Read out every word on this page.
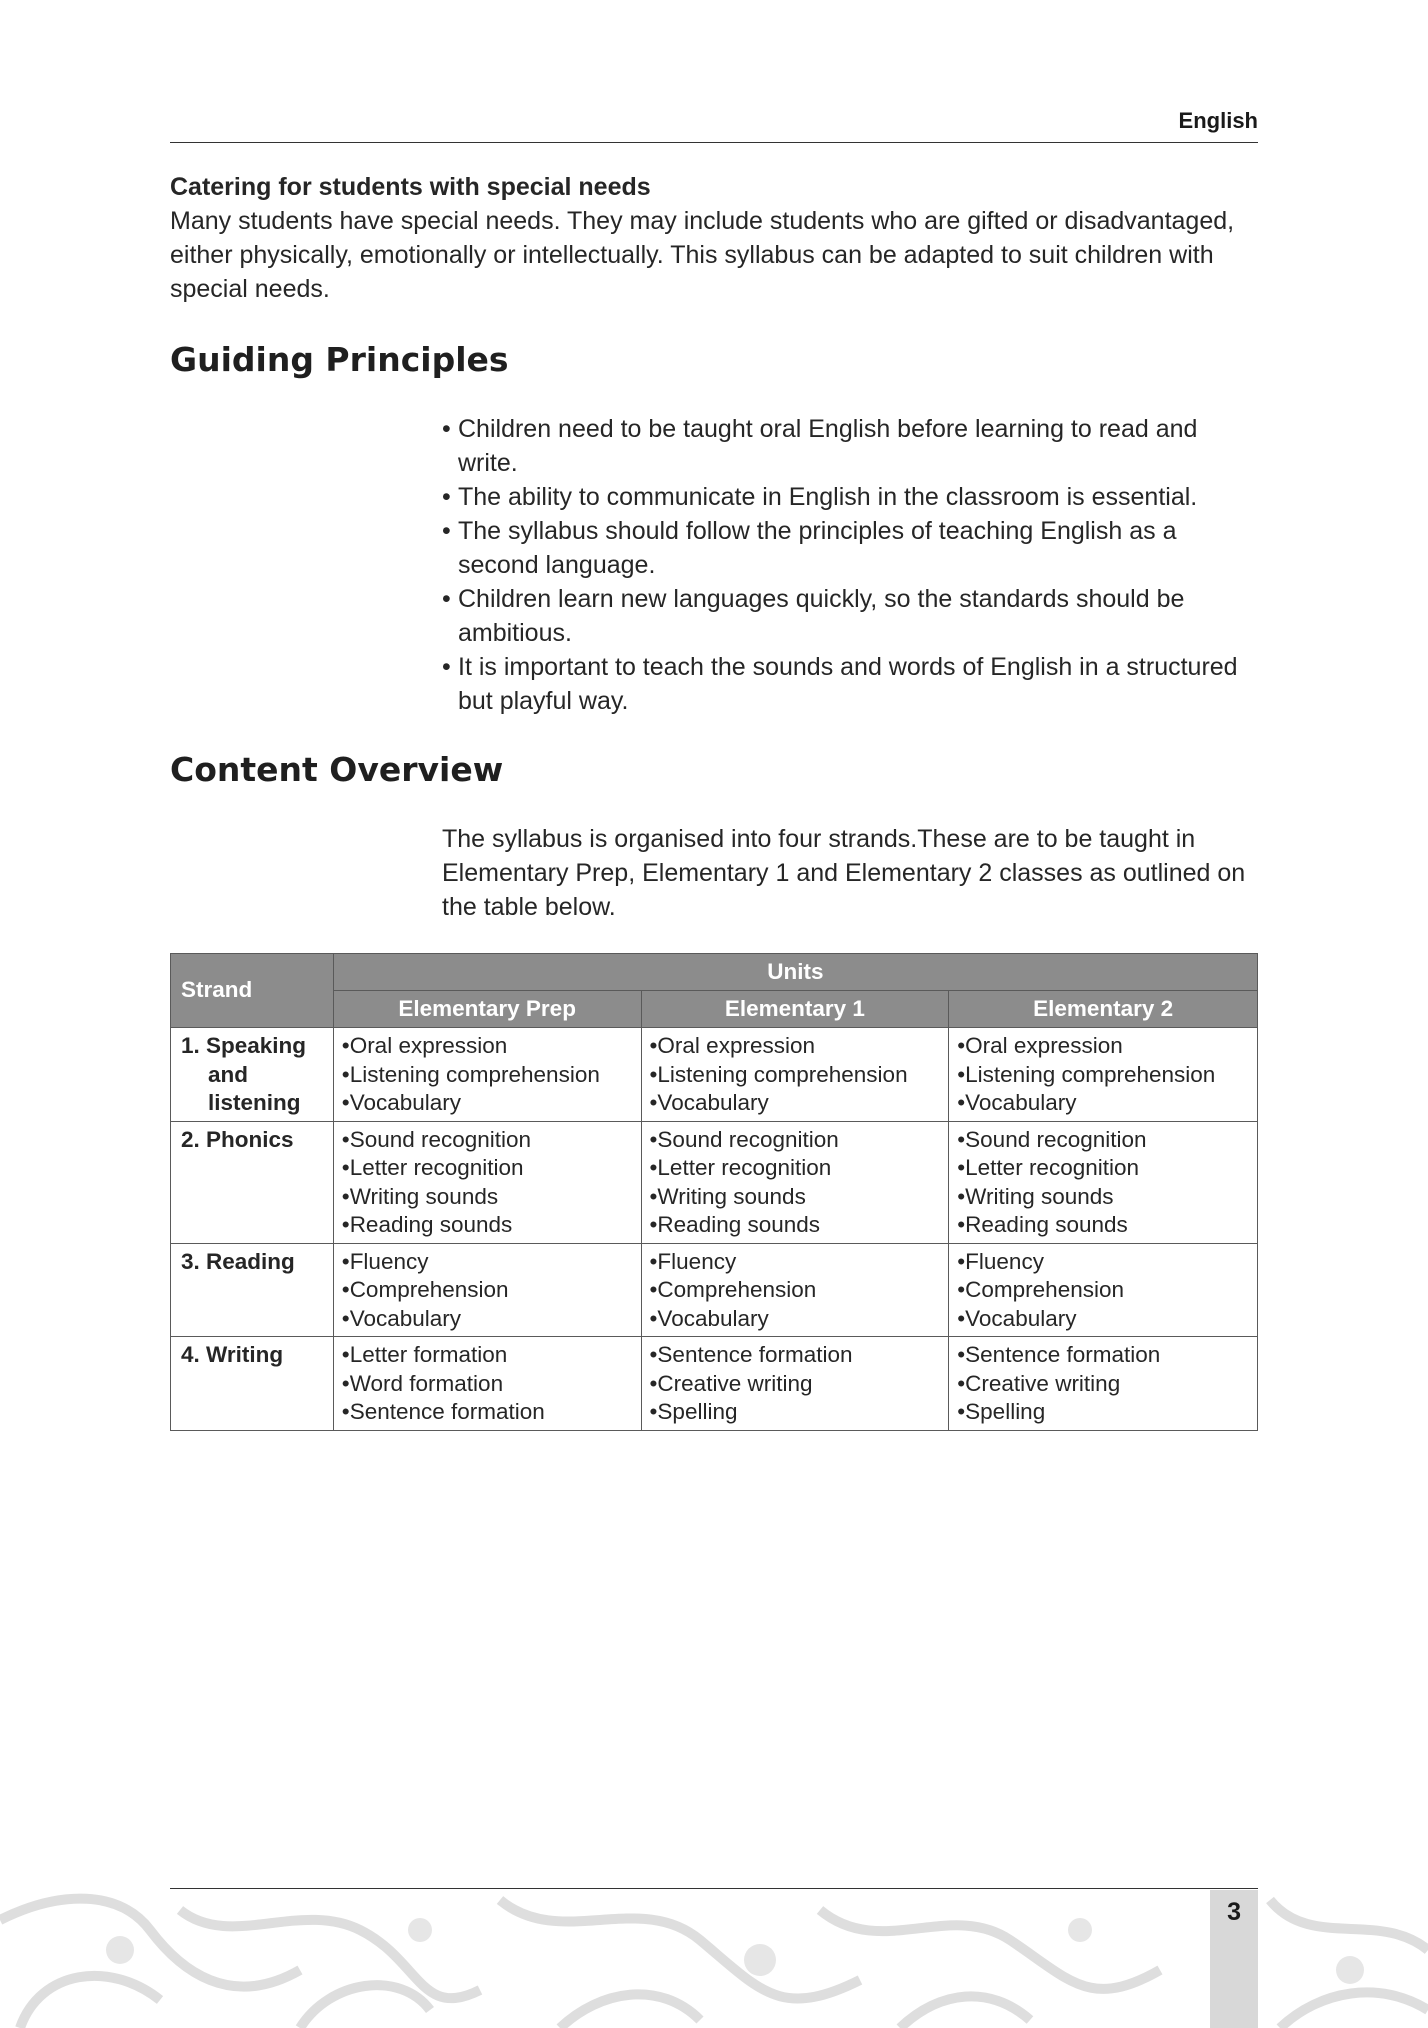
English
Catering for students with special needs

Many students have special needs. They may include students who are gifted or disadvantaged, either physically, emotionally or intellectually. This syllabus can be adapted to suit children with special needs.

Guiding Principles
• Children need to be taught oral English before learning to read and write.
• The ability to communicate in English in the classroom is essential.
• The syllabus should follow the principles of teaching English as a second language.
• Children learn new languages quickly, so the standards should be ambitious.
• It is important to teach the sounds and words of English in a structured but playful way.
Content Overview

The syllabus is organised into four strands.These are to be taught in Elementary Prep, Elementary 1 and Elementary 2 classes as outlined on the table below.

Strand	Units		
	Elementary Prep	Elementary 1	Elementary 2

1. Speaking
and
listening	• Oral expression
• Listening comprehension
• Vocabulary	• Oral expression
• Listening comprehension
• Vocabulary	• Oral expression
• Listening comprehension
• Vocabulary

2. Phonics	• Sound recognition
• Letter recognition
• Writing sounds
• Reading sounds	• Sound recognition
• Letter recognition
• Writing sounds
• Reading sounds	• Sound recognition
• Letter recognition
• Writing sounds
• Reading sounds

3. Reading	• Fluency
• Comprehension
• Vocabulary	• Fluency
• Comprehension
• Vocabulary	• Fluency
• Comprehension
• Vocabulary

4. Writing	• Letter formation
• Word formation
• Sentence formation	• Sentence formation
• Creative writing
• Spelling	• Sentence formation
• Creative writing
• Spelling
3
